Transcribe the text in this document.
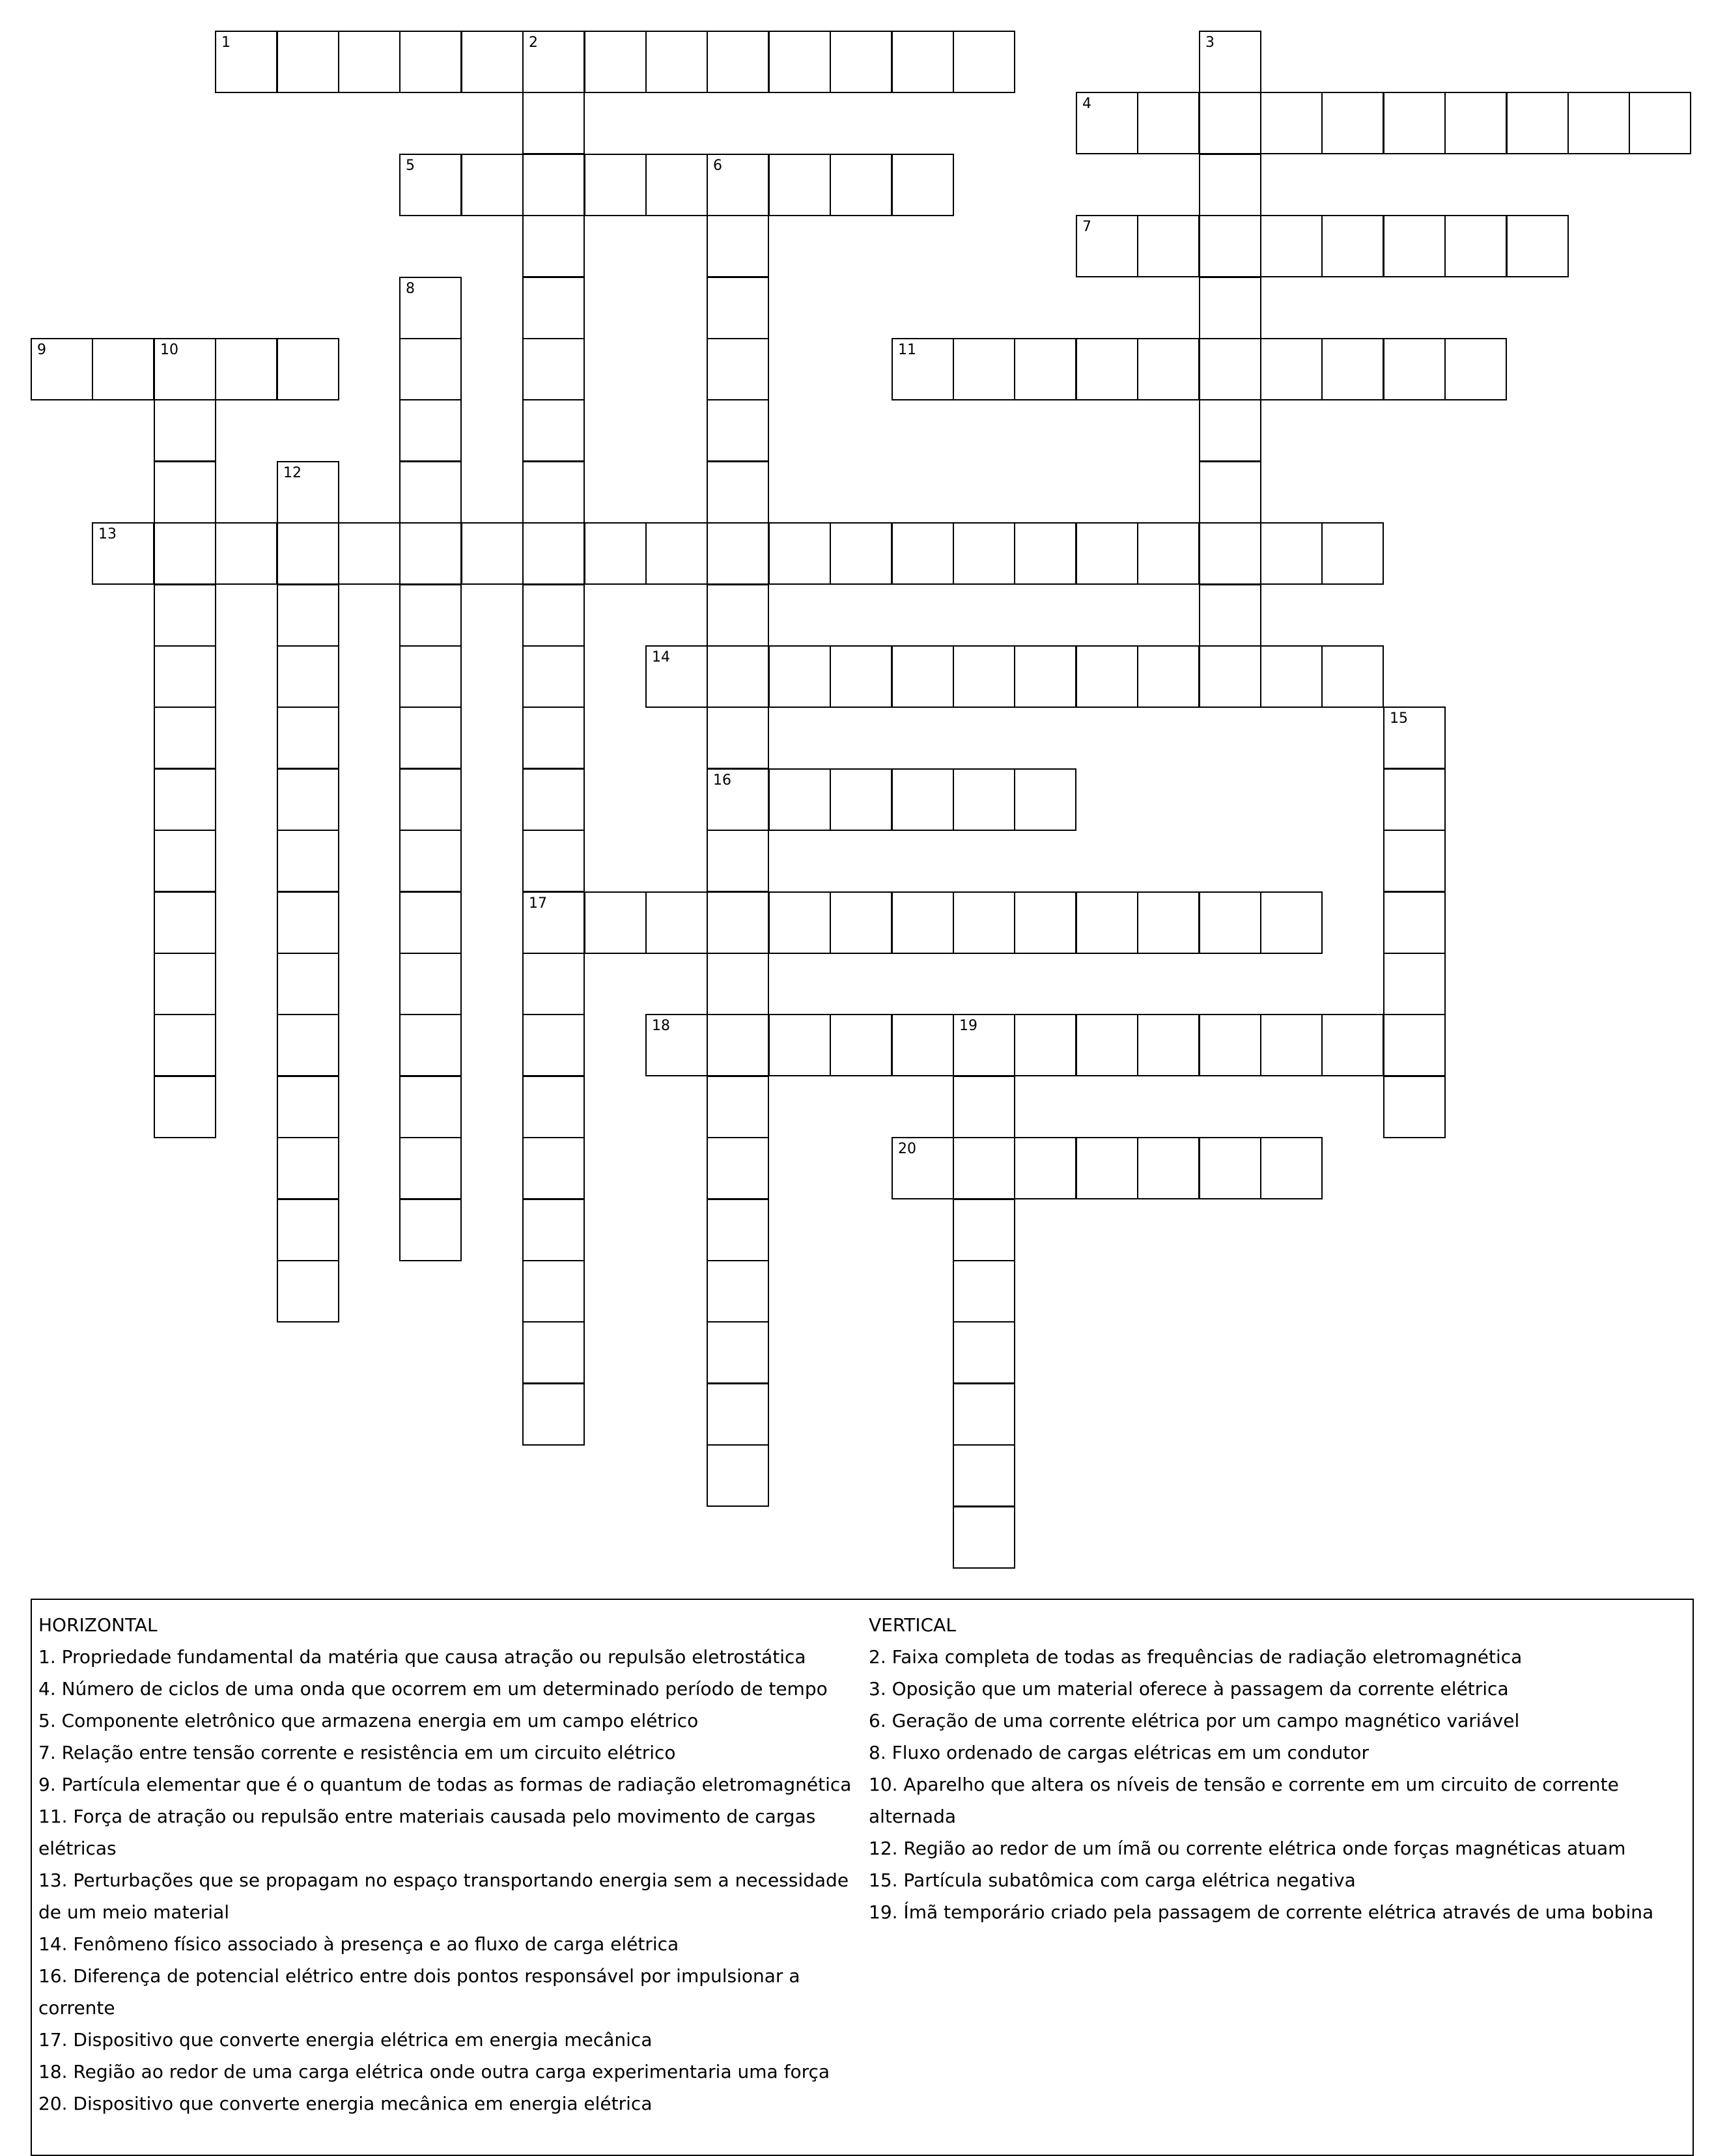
1	2
4
5	6
7
9	10	11
13
14
16
17
18	19
20
3
8
12
15
HORIZONTAL
1. Propriedade fundamental da matéria que causa atração ou repulsão eletrostática
4. Número de ciclos de uma onda que ocorrem em um determinado período de tempo
5. Componente eletrônico que armazena energia em um campo elétrico
7. Relação entre tensão corrente e resistência em um circuito elétrico
9. Partícula elementar que é o quantum de todas as formas de radiação eletromagnética
11. Força de atração ou repulsão entre materiais causada pelo movimento de cargas elétricas
13. Perturbações que se propagam no espaço transportando energia sem a necessidade de um meio material
14. Fenômeno físico associado à presença e ao fluxo de carga elétrica
16. Diferença de potencial elétrico entre dois pontos responsável por impulsionar a corrente
17. Dispositivo que converte energia elétrica em energia mecânica
18. Região ao redor de uma carga elétrica onde outra carga experimentaria uma força
20. Dispositivo que converte energia mecânica em energia elétrica
VERTICAL
2. Faixa completa de todas as frequências de radiação eletromagnética
3. Oposição que um material oferece à passagem da corrente elétrica
6. Geração de uma corrente elétrica por um campo magnético variável
8. Fluxo ordenado de cargas elétricas em um condutor
10. Aparelho que altera os níveis de tensão e corrente em um circuito de corrente alternada
12. Região ao redor de um ímã ou corrente elétrica onde forças magnéticas atuam
15. Partícula subatômica com carga elétrica negativa
19. Ímã temporário criado pela passagem de corrente elétrica através de uma bobina
